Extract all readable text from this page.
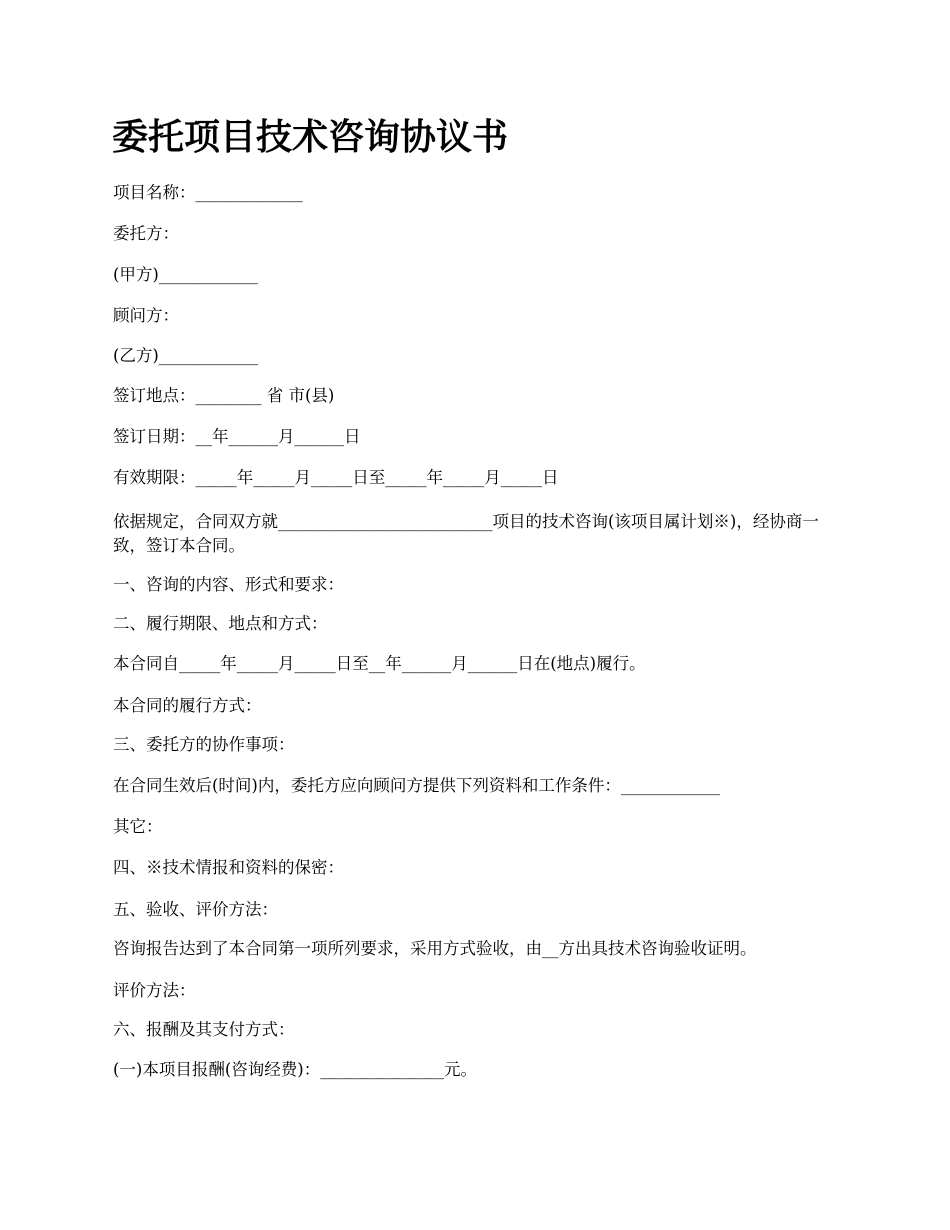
委托项目技术咨询协议书

项目名称：_____________

委托方：

(甲方)____________

顾问方：

(乙方)____________

签订地点：________ 省 市(县)

签订日期：__年______月______日

有效期限：_____年_____月_____日至_____年_____月_____日

依据规定，合同双方就__________________________项目的技术咨询(该项目属计划※)，经协商一致，签订本合同。

一、咨询的内容、形式和要求：

二、履行期限、地点和方式：

本合同自_____年_____月_____日至__年______月______日在(地点)履行。

本合同的履行方式：

三、委托方的协作事项：

在合同生效后(时间)内，委托方应向顾问方提供下列资料和工作条件：____________

其它：

四、※技术情报和资料的保密：

五、验收、评价方法：

咨询报告达到了本合同第一项所列要求，采用方式验收，由__方出具技术咨询验收证明。

评价方法：

六、报酬及其支付方式：

(一)本项目报酬(咨询经费)：_______________元。
